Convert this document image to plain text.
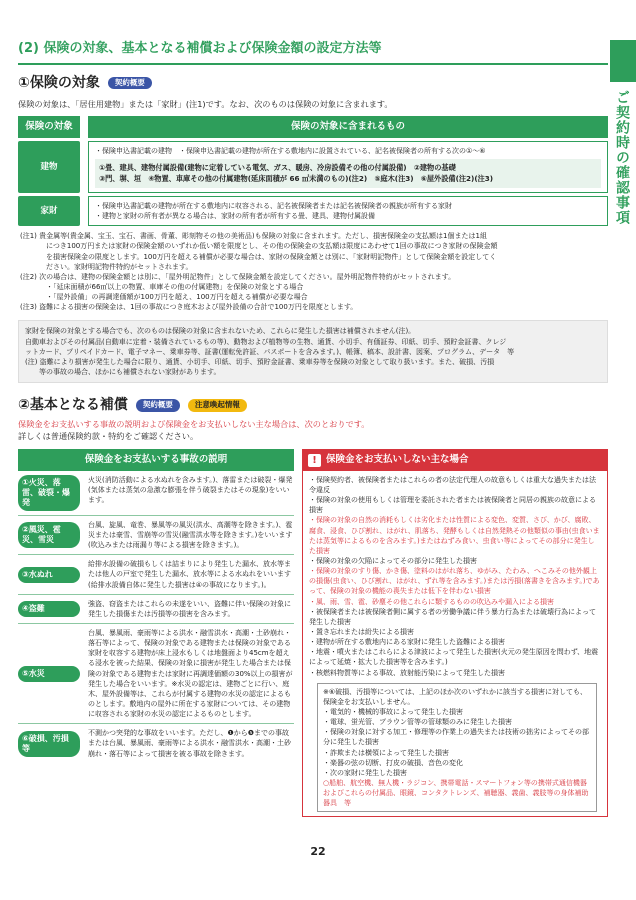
ご契約時の確認事項
(2) 保険の対象、基本となる補償および保険金額の設定方法等
①保険の対象	契約概要

保険の対象は、「居住用建物」または「家財」(注1)です。なお、次のものは保険の対象に含まれます。

保険の対象	保険の対象に含まれるもの
建物
・保険申込書記載の建物　・保険申込書記載の建物が所在する敷地内に設置されている、記名被保険者の所有する次の①～⑥
①畳、建具、建物付属設備(建物に定着している電気、ガス、暖房、冷房設備その他の付属設備)　②建物の基礎
③門、塀、垣　④物置、車庫その他の付属建物(延床面積が 66 ㎡未満のもの)(注2)　⑤庭木(注3)　⑥屋外設備(注2)(注3)
家財	・保険申込書記載の建物が所在する敷地内に収容される、記名被保険者または記名被保険者の親族が所有する家財
・建物と家財の所有者が異なる場合は、家財の所有者が所有する畳、建具、建物付属設備

(注1) 貴金属等(貴金属、宝玉、宝石、書画、骨董、彫刻物その他の美術品)も保険の対象に含まれます。ただし、損害保険金の支払額は1個または1組

につき100万円または家財の保険金額のいずれか低い額を限度とし、その他の保険金の支払額は限度にあわせて1回の事故につき家財の保険金額

を損害保険金の限度とします。100万円を超える補償が必要な場合は、家財の保険金額とは別に、「家財明記物件」として保険金額を設定してく

ださい。家財明記物件特約がセットされます。

(注2) 次の場合は、建物の保険金額とは別に、「屋外明記物件」として保険金額を設定してください。屋外明記物件特約がセットされます。

・「延床面積が66㎡以上の物置、車庫その他の付属建物」を保険の対象とする場合

・「屋外設備」の再調達価額が100万円を超え、100万円を超える補償が必要な場合

(注3) 盗難による損害の保険金は、1回の事故につき庭木および屋外設備の合計で100万円を限度とします。

家財を保険の対象とする場合でも、次のものは保険の対象に含まれないため、これらに発生した損害は補償されません(注)。

自動車およびその付属品(自動車に定着・装備されているもの等)、動物および植物等の生物、通貨、小切手、有価証券、印紙、切手、預貯金証書、クレジ

ットカード、プリペイドカード、電子マネー、乗車券等、証書(運転免許証、パスポートを含みます。)、帳簿、稿本、設計書、図案、プログラム、データ　等

(注) 盗難により損害が発生した場合に限り、通貨、小切手、印紙、切手、預貯金証書、乗車券等を保険の対象として取り扱います。また、破損、汚損

等の事故の場合、ほかにも補償されない家財があります。

②基本となる補償	契約概要	注意喚起情報
保険金をお支払いする事故の説明および保険金をお支払いしない主な場合は、次のとおりです。
詳しくは普通保険約款・特約をご確認ください。
保険金をお支払いする事故の説明
①火災、落雷、破裂・爆発
火災(消防活動による水ぬれを含みます。)、落雷または破裂・爆発(気体または蒸気の急激な膨張を伴う破裂またはその現象)をいいます。
②風災、雹災、雪災
台風、旋風、竜巻、暴風等の風災(洪水、高潮等を除きます。)、雹災または豪雪、雪崩等の雪災(融雪洪水等を除きます。)をいいます(吹込みまたは雨漏り等による損害を除きます。)。
③水ぬれ
給排水設備の破損もしくは詰まりにより発生した漏水、放水等または他人の戸室で発生した漏水、放水等による水ぬれをいいます(給排水設備自体に発生した損害は④の事故になります。)。
④盗難
強盗、窃盗またはこれらの未遂をいい、盗難に伴い保険の対象に発生した損傷または汚損等の損害を含みます。
⑤水災
台風、暴風雨、豪雨等による洪水・融雪洪水・高潮・土砂崩れ・落石等によって、保険の対象である建物または保険の対象である家財を収容する建物が床上浸水もしくは地盤面より45cmを超える浸水を被った結果、保険の対象に損害が発生した場合または保険の対象である建物または家財に再調達価額の30%以上の損害が発生した場合をいいます。※水災の認定は、建物ごとに行い、庭木、屋外設備等は、これらが付属する建物の水災の認定によるものとします。敷地内の屋外に所在する家財については、その建物に収容される家財の水災の認定によるものとします。
⑥破損、汚損等
不測かつ突発的な事故をいいます。ただし、❶から❺までの事故または台風、暴風雨、豪雨等による洪水・融雪洪水・高潮・土砂崩れ・落石等によって損害を被る事故を除きます。
! 保険金をお支払いしない主な場合

・保険契約者、被保険者またはこれらの者の法定代理人の故意もしくは重大な過失または法令違反

・保険の対象の使用もしくは管理を委託された者または被保険者と同居の親族の故意による損害

・保険の対象の自然の消耗もしくは劣化または性質による変色、変質、さび、かび、腐敗、腐食、浸食、ひび割れ、はがれ、肌落ち、発酵もしくは自然発熱その他類似の事由(虫食いまたは蒸気等によるものを含みます。)またはねずみ食い、虫食い等によってその部分に発生した損害

・保険の対象の欠陥によってその部分に発生した損害

・保険の対象のすり傷、かき傷、塗料のはがれ落ち、ゆがみ、たわみ、へこみその他外観上の損傷(虫食い、ひび割れ、はがれ、ずれ等を含みます。)または汚損(落書きを含みます。)であって、保険の対象の機能の喪失または低下を伴わない損害

・風、雨、雪、雹、砂塵その他これらに類するものの吹込みや漏入による損害

・被保険者または被保険者側に属する者の労働争議に伴う暴力行為または破壊行為によって発生した損害

・置き忘れまたは紛失による損害

・建物が所在する敷地内にある家財に発生した盗難による損害

・地震・噴火またはこれらによる津波によって発生した損害(火元の発生原因を問わず、地震によって延焼・拡大した損害等を含みます。)

・核燃料物質等による事故、放射能汚染によって発生した損害

※⑥破損、汚損等については、上記のほか次のいずれかに該当する損害に対しても、保険金をお支払いしません。

・電気的・機械的事故によって発生した損害

・電球、蛍光管、ブラウン管等の管球類のみに発生した損害

・保険の対象に対する加工・修理等の作業上の過失または技術の拙劣によってその部分に発生した損害

・詐欺または横領によって発生した損害

・楽器の弦の切断、打皮の破損、音色の変化

・次の家財に発生した損害

○船舶、航空機、無人機・ラジコン、携帯電話・スマートフォン等の携帯式通信機器およびこれらの付属品、眼鏡、コンタクトレンズ、補聴器、義歯、義肢等の身体補助器具　等

22
